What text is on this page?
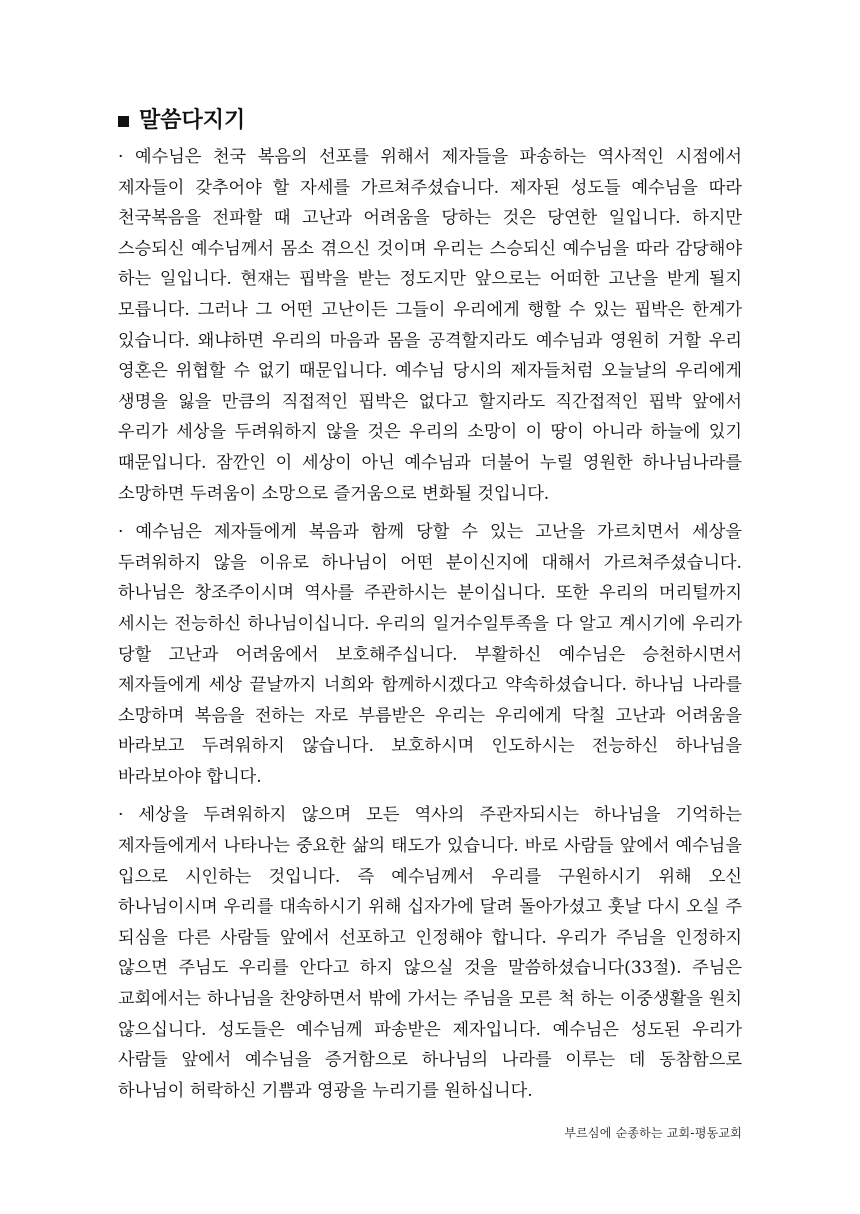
말씀다지기

· 예수님은 천국 복음의 선포를 위해서 제자들을 파송하는 역사적인 시점에서 제자들이 갖추어야 할 자세를 가르쳐주셨습니다. 제자된 성도들 예수님을 따라 천국복음을 전파할 때 고난과 어려움을 당하는 것은 당연한 일입니다. 하지만 스승되신 예수님께서 몸소 겪으신 것이며 우리는 스승되신 예수님을 따라 감당해야 하는 일입니다. 현재는 핍박을 받는 정도지만 앞으로는 어떠한 고난을 받게 될지 모릅니다. 그러나 그 어떤 고난이든 그들이 우리에게 행할 수 있는 핍박은 한계가 있습니다. 왜냐하면 우리의 마음과 몸을 공격할지라도 예수님과 영원히 거할 우리 영혼은 위협할 수 없기 때문입니다. 예수님 당시의 제자들처럼 오늘날의 우리에게 생명을 잃을 만큼의 직접적인 핍박은 없다고 할지라도 직간접적인 핍박 앞에서 우리가 세상을 두려워하지 않을 것은 우리의 소망이 이 땅이 아니라 하늘에 있기 때문입니다. 잠깐인 이 세상이 아닌 예수님과 더불어 누릴 영원한 하나님나라를 소망하면 두려움이 소망으로 즐거움으로 변화될 것입니다.

· 예수님은 제자들에게 복음과 함께 당할 수 있는 고난을 가르치면서 세상을 두려워하지 않을 이유로 하나님이 어떤 분이신지에 대해서 가르쳐주셨습니다. 하나님은 창조주이시며 역사를 주관하시는 분이십니다. 또한 우리의 머리털까지 세시는 전능하신 하나님이십니다. 우리의 일거수일투족을 다 알고 계시기에 우리가 당할 고난과 어려움에서 보호해주십니다. 부활하신 예수님은 승천하시면서 제자들에게 세상 끝날까지 너희와 함께하시겠다고 약속하셨습니다. 하나님 나라를 소망하며 복음을 전하는 자로 부름받은 우리는 우리에게 닥칠 고난과 어려움을 바라보고 두려워하지 않습니다. 보호하시며 인도하시는 전능하신 하나님을 바라보아야 합니다.

· 세상을 두려워하지 않으며 모든 역사의 주관자되시는 하나님을 기억하는 제자들에게서 나타나는 중요한 삶의 태도가 있습니다. 바로 사람들 앞에서 예수님을 입으로 시인하는 것입니다. 즉 예수님께서 우리를 구원하시기 위해 오신 하나님이시며 우리를 대속하시기 위해 십자가에 달려 돌아가셨고 훗날 다시 오실 주 되심을 다른 사람들 앞에서 선포하고 인정해야 합니다. 우리가 주님을 인정하지 않으면 주님도 우리를 안다고 하지 않으실 것을 말씀하셨습니다(33절). 주님은 교회에서는 하나님을 찬양하면서 밖에 가서는 주님을 모른 척 하는 이중생활을 원치 않으십니다. 성도들은 예수님께 파송받은 제자입니다. 예수님은 성도된 우리가 사람들 앞에서 예수님을 증거함으로 하나님의 나라를 이루는 데 동참함으로 하나님이 허락하신 기쁨과 영광을 누리기를 원하십니다.

부르심에 순종하는 교회-평동교회
